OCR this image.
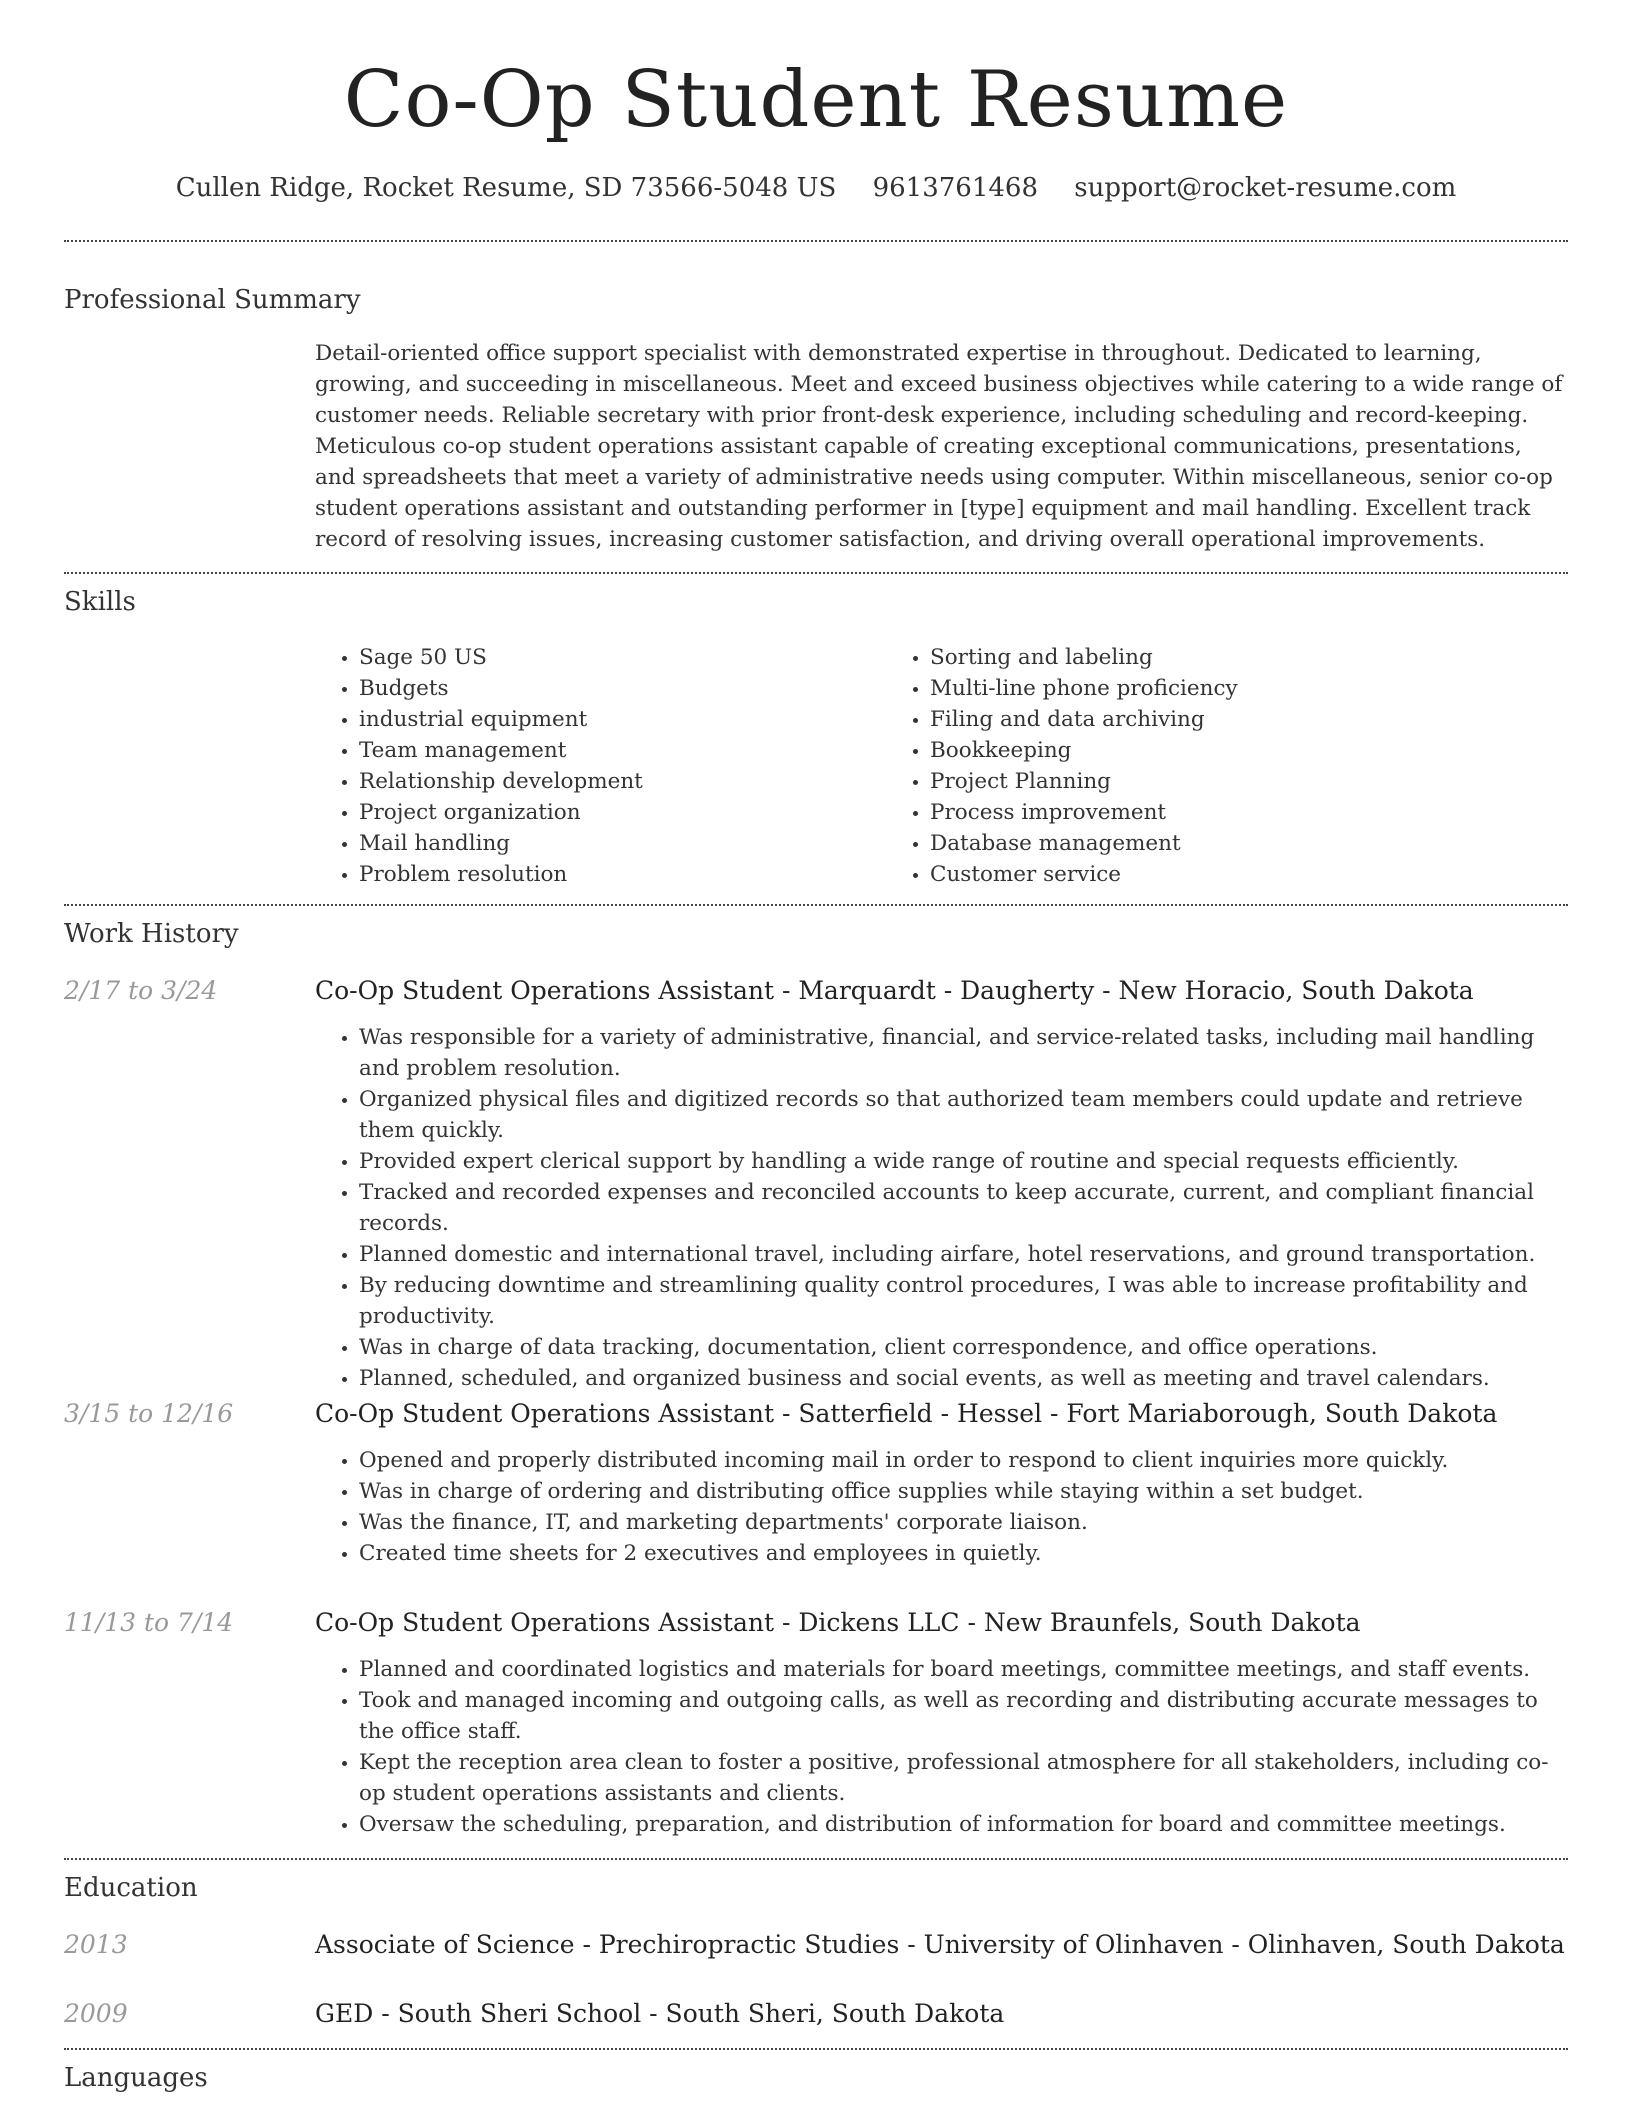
Co-Op Student Resume
Cullen Ridge, Rocket Resume, SD 73566-5048 US 9613761468 support@rocket-resume.com
Professional Summary
Detail-oriented office support specialist with demonstrated expertise in throughout. Dedicated to learning, growing, and succeeding in miscellaneous. Meet and exceed business objectives while catering to a wide range of customer needs. Reliable secretary with prior front-desk experience, including scheduling and record-keeping. Meticulous co-op student operations assistant capable of creating exceptional communications, presentations, and spreadsheets that meet a variety of administrative needs using computer. Within miscellaneous, senior co-op student operations assistant and outstanding performer in [type] equipment and mail handling. Excellent track record of resolving issues, increasing customer satisfaction, and driving overall operational improvements.
Skills
• Sage 50 US
• Budgets
• industrial equipment
• Team management
• Relationship development
• Project organization
• Mail handling
• Problem resolution
• Sorting and labeling
• Multi-line phone proficiency
• Filing and data archiving
• Bookkeeping
• Project Planning
• Process improvement
• Database management
• Customer service
Work History
2/17 to 3/24	Co-Op Student Operations Assistant - Marquardt - Daugherty - New Horacio, South Dakota
• Was responsible for a variety of administrative, financial, and service-related tasks, including mail handling and problem resolution.
• Organized physical files and digitized records so that authorized team members could update and retrieve them quickly.
• Provided expert clerical support by handling a wide range of routine and special requests efficiently.
• Tracked and recorded expenses and reconciled accounts to keep accurate, current, and compliant financial records.
• Planned domestic and international travel, including airfare, hotel reservations, and ground transportation.
• By reducing downtime and streamlining quality control procedures, I was able to increase profitability and productivity.
• Was in charge of data tracking, documentation, client correspondence, and office operations.
• Planned, scheduled, and organized business and social events, as well as meeting and travel calendars.
3/15 to 12/16	Co-Op Student Operations Assistant - Satterfield - Hessel - Fort Mariaborough, South Dakota
• Opened and properly distributed incoming mail in order to respond to client inquiries more quickly.
• Was in charge of ordering and distributing office supplies while staying within a set budget.
• Was the finance, IT, and marketing departments' corporate liaison.
• Created time sheets for 2 executives and employees in quietly.
11/13 to 7/14	Co-Op Student Operations Assistant - Dickens LLC - New Braunfels, South Dakota
• Planned and coordinated logistics and materials for board meetings, committee meetings, and staff events.
• Took and managed incoming and outgoing calls, as well as recording and distributing accurate messages to the office staff.
• Kept the reception area clean to foster a positive, professional atmosphere for all stakeholders, including co-op student operations assistants and clients.
• Oversaw the scheduling, preparation, and distribution of information for board and committee meetings.
Education
2013	Associate of Science - Prechiropractic Studies - University of Olinhaven - Olinhaven, South Dakota
2009	GED - South Sheri School - South Sheri, South Dakota
Languages
